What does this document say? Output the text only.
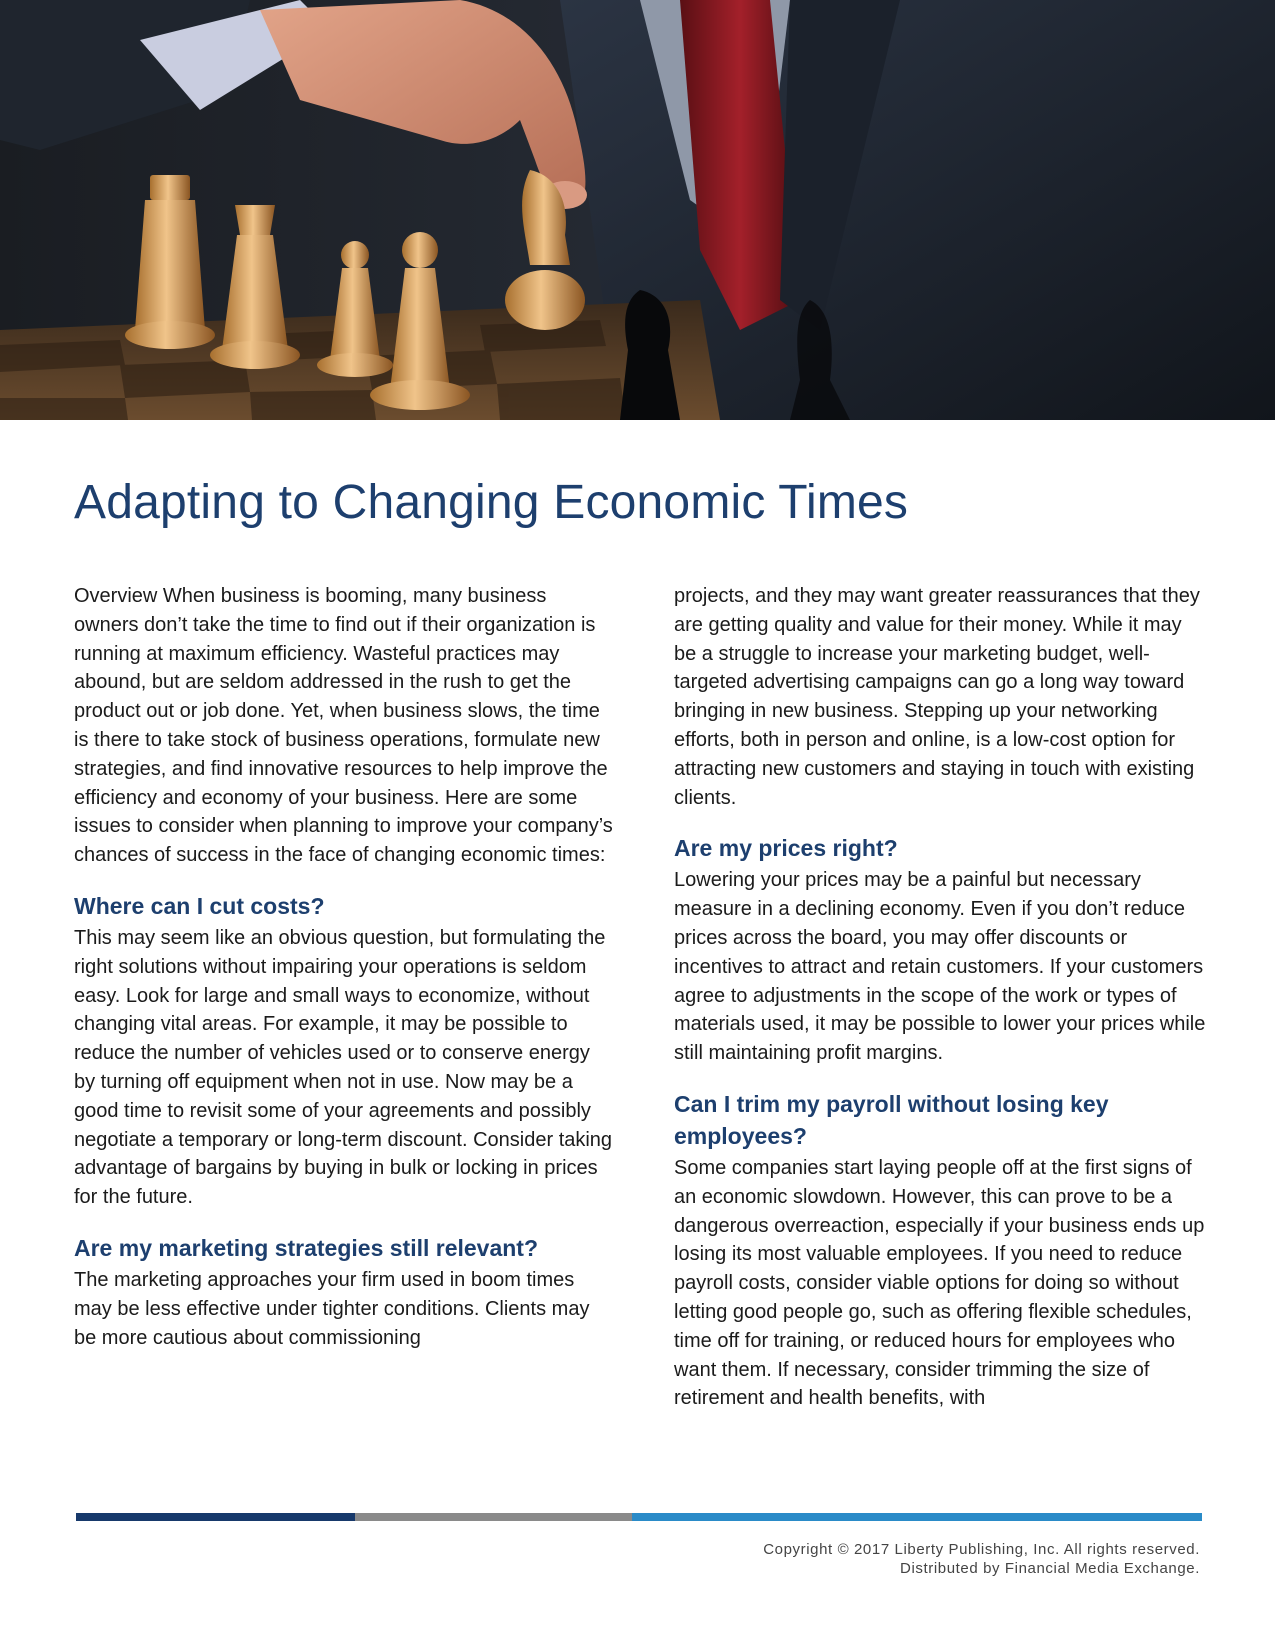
Adapting to Changing Economic Times

Overview When business is booming, many business owners don’t take the time to find out if their organization is running at maximum efficiency. Wasteful practices may abound, but are seldom addressed in the rush to get the product out or job done. Yet, when business slows, the time is there to take stock of business operations, formulate new strategies, and find innovative resources to help improve the efficiency and economy of your business. Here are some issues to consider when planning to improve your company’s chances of success in the face of changing economic times:

Where can I cut costs?

This may seem like an obvious question, but formulating the right solutions without impairing your operations is seldom easy. Look for large and small ways to economize, without changing vital areas. For example, it may be possible to reduce the number of vehicles used or to conserve energy by turning off equipment when not in use. Now may be a good time to revisit some of your agreements and possibly negotiate a temporary or long-term discount. Consider taking advantage of bargains by buying in bulk or locking in prices for the future.

Are my marketing strategies still relevant?

The marketing approaches your firm used in boom times may be less effective under tighter conditions. Clients may be more cautious about commissioning

projects, and they may want greater reassurances that they are getting quality and value for their money. While it may be a struggle to increase your marketing budget, well-targeted advertising campaigns can go a long way toward bringing in new business. Stepping up your networking efforts, both in person and online, is a low-cost option for attracting new customers and staying in touch with existing clients.

Are my prices right?

Lowering your prices may be a painful but necessary measure in a declining economy. Even if you don’t reduce prices across the board, you may offer discounts or incentives to attract and retain customers. If your customers agree to adjustments in the scope of the work or types of materials used, it may be possible to lower your prices while still maintaining profit margins.

Can I trim my payroll without losing key employees?

Some companies start laying people off at the first signs of an economic slowdown. However, this can prove to be a dangerous overreaction, especially if your business ends up losing its most valuable employees. If you need to reduce payroll costs, consider viable options for doing so without letting good people go, such as offering flexible schedules, time off for training, or reduced hours for employees who want them. If necessary, consider trimming the size of retirement and health benefits, with

Copyright © 2017 Liberty Publishing, Inc. All rights reserved.
Distributed by Financial Media Exchange.
